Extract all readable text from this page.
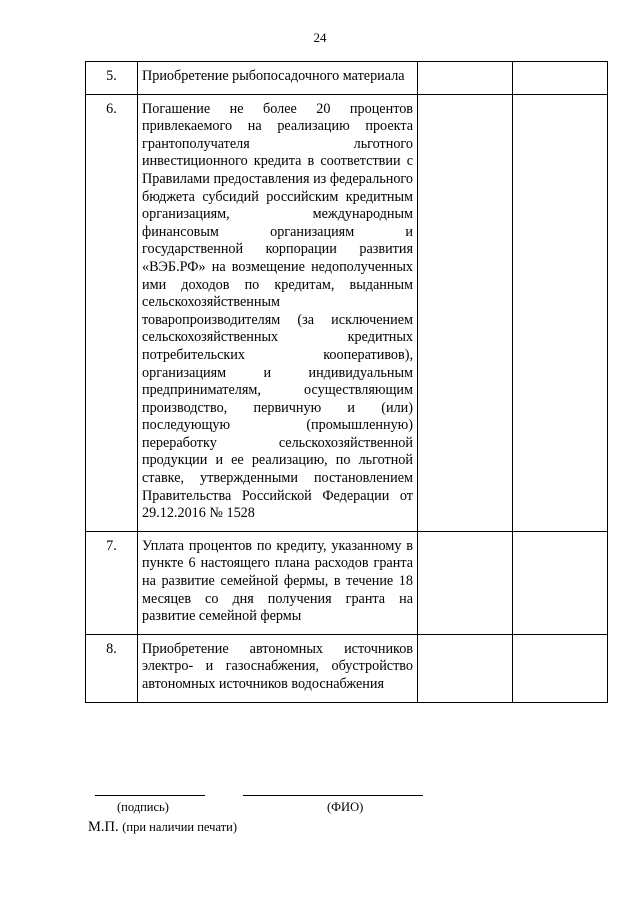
24
5.	Приобретение рыбопосадочного материала		

6.	Погашение не более 20 процентов привлекаемого на реализацию проекта грантополучателя льготного инвестиционного кредита в соответствии с Правилами предоставления из федерального бюджета субсидий российским кредитным организациям, международным финансовым организациям и государственной корпорации развития «ВЭБ.РФ» на возмещение недополученных ими доходов по кредитам, выданным сельскохозяйственным товаропроизводителям (за исключением сельскохозяйственных кредитных потребительских кооперативов), организациям и индивидуальным предпринимателям, осуществляющим производство, первичную и (или) последующую (промышленную) переработку сельскохозяйственной продукции и ее реализацию, по льготной ставке, утвержденными постановлением Правительства Российской Федерации от 29.12.2016 № 1528		

7.	Уплата процентов по кредиту, указанному в пункте 6 настоящего плана расходов гранта на развитие семейной фермы, в течение 18 месяцев со дня получения гранта на развитие семейной фермы		

8.	Приобретение автономных источников электро- и газоснабжения, обустройство автономных источников водоснабжения		

(подпись)	(ФИО)
М.П. (при наличии печати)
